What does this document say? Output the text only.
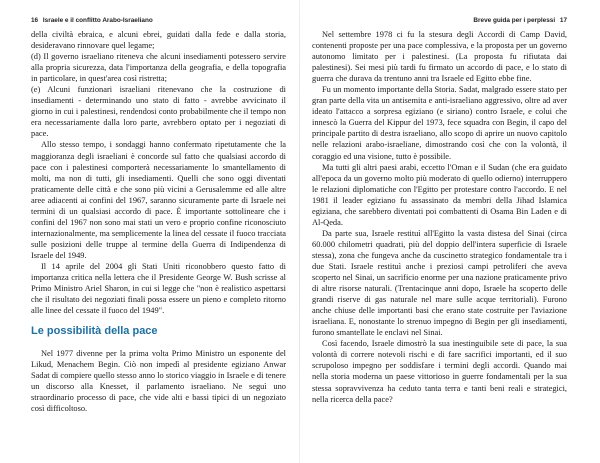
16 Israele e il conflitto Arabo-Israeliano

della civiltà ebraica, e alcuni ebrei, guidati dalla fede e dalla storia, desideravano rinnovare quel legame;

(d) Il governo israeliano riteneva che alcuni insediamenti potessero servire alla propria sicurezza, data l'importanza della geografia, e della topografia in particolare, in quest'area così ristretta;

(e) Alcuni funzionari israeliani ritenevano che la costruzione di insediamenti - determinando uno stato di fatto - avrebbe avvicinato il giorno in cui i palestinesi, rendendosi conto probabilmente che il tempo non era necessariamente dalla loro parte, avrebbero optato per i negoziati di pace.

Allo stesso tempo, i sondaggi hanno confermato ripetutamente che la maggioranza degli israeliani è concorde sul fatto che qualsiasi accordo di pace con i palestinesi comporterà necessariamente lo smantellamento di molti, ma non di tutti, gli insediamenti. Quelli che sono oggi diventati praticamente delle città e che sono più vicini a Gerusalemme ed alle altre aree adiacenti ai confini del 1967, saranno sicuramente parte di Israele nei termini di un qualsiasi accordo di pace. È importante sottolineare che i confini del 1967 non sono mai stati un vero e proprio confine riconosciuto internazionalmente, ma semplicemente la linea del cessate il fuoco tracciata sulle posizioni delle truppe al termine della Guerra di Indipendenza di Israele del 1949.

Il 14 aprile del 2004 gli Stati Uniti riconobbero questo fatto di importanza critica nella lettera che il Presidente George W. Bush scrisse al Primo Ministro Ariel Sharon, in cui si legge che "non è realistico aspettarsi che il risultato dei negoziati finali possa essere un pieno e completo ritorno alle linee del cessate il fuoco del 1949".

Le possibilità della pace

Nel 1977 divenne per la prima volta Primo Ministro un esponente del Likud, Menachem Begin. Ciò non impedì al presidente egiziano Anwar Sadat di compiere quello stesso anno lo storico viaggio in Israele e di tenere un discorso alla Knesset, il parlamento israeliano. Ne seguì uno straordinario processo di pace, che vide alti e bassi tipici di un negoziato così difficoltoso.

Breve guida per i perplessi 17

Nel settembre 1978 ci fu la stesura degli Accordi di Camp David, contenenti proposte per una pace complessiva, e la proposta per un governo autonomo limitato per i palestinesi. (La proposta fu rifiutata dai palestinesi). Sei mesi più tardi fu firmato un accordo di pace, e lo stato di guerra che durava da trentuno anni tra Israele ed Egitto ebbe fine.

Fu un momento importante della Storia. Sadat, malgrado essere stato per gran parte della vita un antisemita e anti-israeliano aggressivo, oltre ad aver ideato l'attacco a sorpresa egiziano (e siriano) contro Israele, e colui che innescò la Guerra del Kippur del 1973, fece squadra con Begin, il capo del principale partito di destra israeliano, allo scopo di aprire un nuovo capitolo nelle relazioni arabo-israeliane, dimostrando così che con la volontà, il coraggio ed una visione, tutto è possibile.

Ma tutti gli altri paesi arabi, eccetto l'Oman e il Sudan (che era guidato all'epoca da un governo molto più moderato di quello odierno) interruppero le relazioni diplomatiche con l'Egitto per protestare contro l'accordo. E nel 1981 il leader egiziano fu assassinato da membri della Jihad Islamica egiziana, che sarebbero diventati poi combattenti di Osama Bin Laden e di Al-Qeda.

Da parte sua, Israele restituì all'Egitto la vasta distesa del Sinai (circa 60.000 chilometri quadrati, più del doppio dell'intera superficie di Israele stessa), zona che fungeva anche da cuscinetto strategico fondamentale tra i due Stati. Israele restituì anche i preziosi campi petroliferi che aveva scoperto nel Sinai, un sacrificio enorme per una nazione praticamente privo di altre risorse naturali. (Trentacinque anni dopo, Israele ha scoperto delle grandi riserve di gas naturale nel mare sulle acque territoriali). Furono anche chiuse delle importanti basi che erano state costruite per l'aviazione israeliana. E, nonostante lo strenuo impegno di Begin per gli insediamenti, furono smantellate le enclavi nel Sinai.

Così facendo, Israele dimostrò la sua inestinguibile sete di pace, la sua volontà di correre notevoli rischi e di fare sacrifici importanti, ed il suo scrupoloso impegno per soddisfare i termini degli accordi. Quando mai nella storia moderna un paese vittorioso in guerre fondamentali per la sua stessa sopravvivenza ha ceduto tanta terra e tanti beni reali e strategici, nella ricerca della pace?
